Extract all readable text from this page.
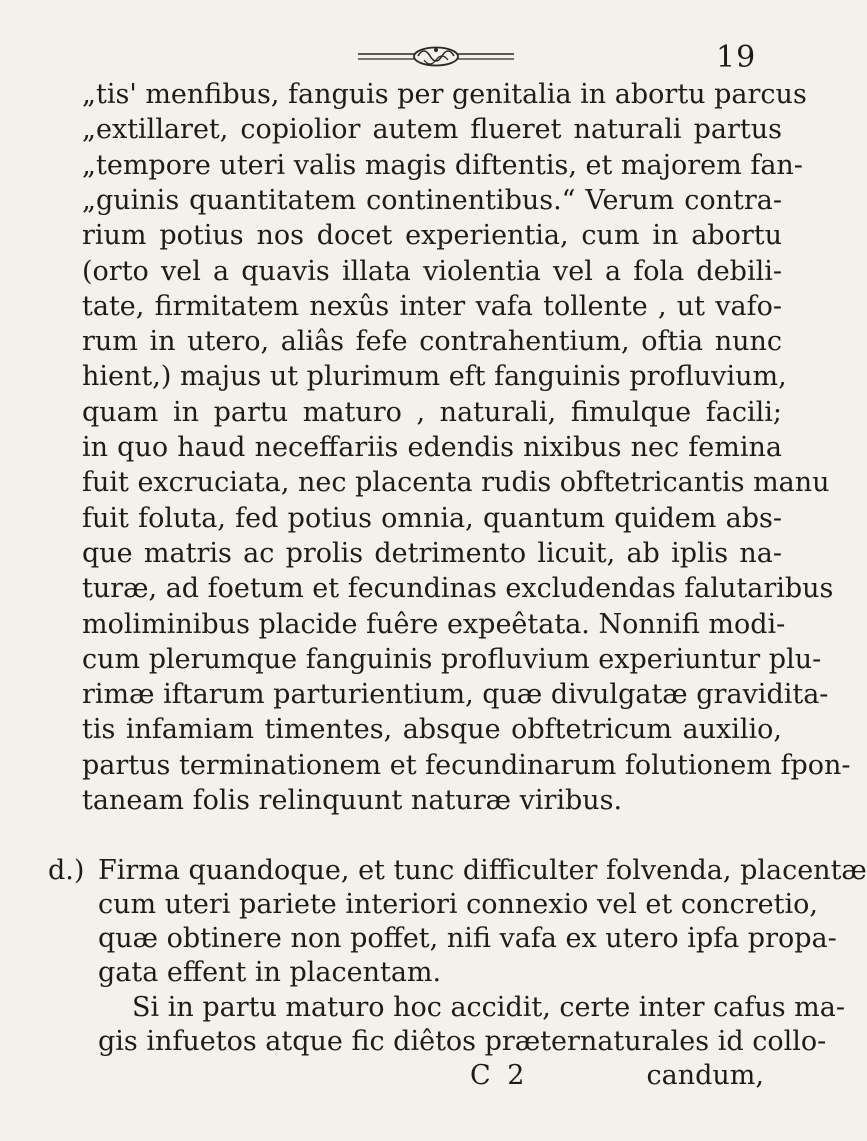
19
„tis' menfibus, fanguis per genitalia in abortu parcus
„extillaret, copiolior autem flueret naturali partus
„tempore uteri valis magis diftentis, et majorem fan-
„guinis quantitatem continentibus.“ Verum contra-
rium potius nos docet experientia, cum in abortu
(orto vel a quavis illata violentia vel a fola debili-
tate, firmitatem nexûs inter vafa tollente , ut vafo-
rum in utero, aliâs fefe contrahentium, oftia nunc
hient,) majus ut plurimum eft fanguinis profluvium,
quam in partu maturo , naturali, fimulque facili;
in quo haud neceffariis edendis nixibus nec femina
fuit excruciata, nec placenta rudis obftetricantis manu
fuit foluta, fed potius omnia, quantum quidem abs-
que matris ac prolis detrimento licuit, ab iplis na-
turæ, ad foetum et fecundinas excludendas falutaribus
moliminibus placide fuêre expeêtata. Nonnifi modi-
cum plerumque fanguinis profluvium experiuntur plu-
rimæ iftarum parturientium, quæ divulgatæ gravidita-
tis infamiam timentes, absque obftetricum auxilio,
partus terminationem et fecundinarum folutionem fpon-
taneam folis relinquunt naturæ viribus.
d.) Firma quandoque, et tunc difficulter folvenda, placentæ
cum uteri pariete interiori connexio vel et concretio,
quæ obtinere non poffet, nifi vafa ex utero ipfa propa-
gata effent in placentam.
Si in partu maturo hoc accidit, certe inter cafus ma-
gis infuetos atque fic diêtos præternaturales id collo-
C 2	candum,
